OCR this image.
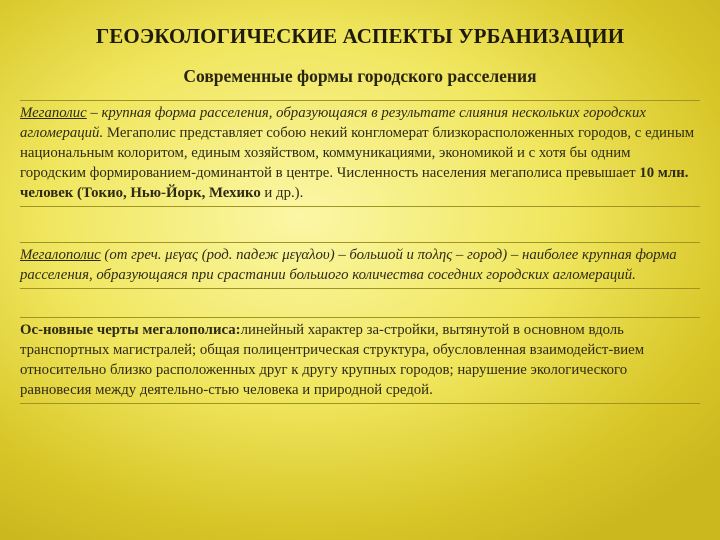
ГЕОЭКОЛОГИЧЕСКИЕ АСПЕКТЫ УРБАНИЗАЦИИ
Современные формы городского расселения

Мегаполис – крупная форма расселения, образующаяся в результате слияния нескольких городских агломераций. Мегаполис представляет собою некий конгломерат близкорасположенных городов, с единым национальным колоритом, единым хозяйством, коммуникациями, экономикой и с хотя бы одним городским формированием-доминантой в центре. Численность населения мегаполиса превышает 10 млн. человек (Токио, Нью-Йорк, Мехико и др.).

Мегалополис (от греч. μεγας (род. падеж μεγαλου) – большой и πολης – город) – наиболее крупная форма расселения, образующаяся при срастании большого количества соседних городских агломераций.

Ос-новные черты мегалополиса:линейный характер за-стройки, вытянутой в основном вдоль транспортных магистралей; общая полицентрическая структура, обусловленная взаимодейст-вием относительно близко расположенных друг к другу крупных городов; нарушение экологического равновесия между деятельно-стью человека и природной средой.
